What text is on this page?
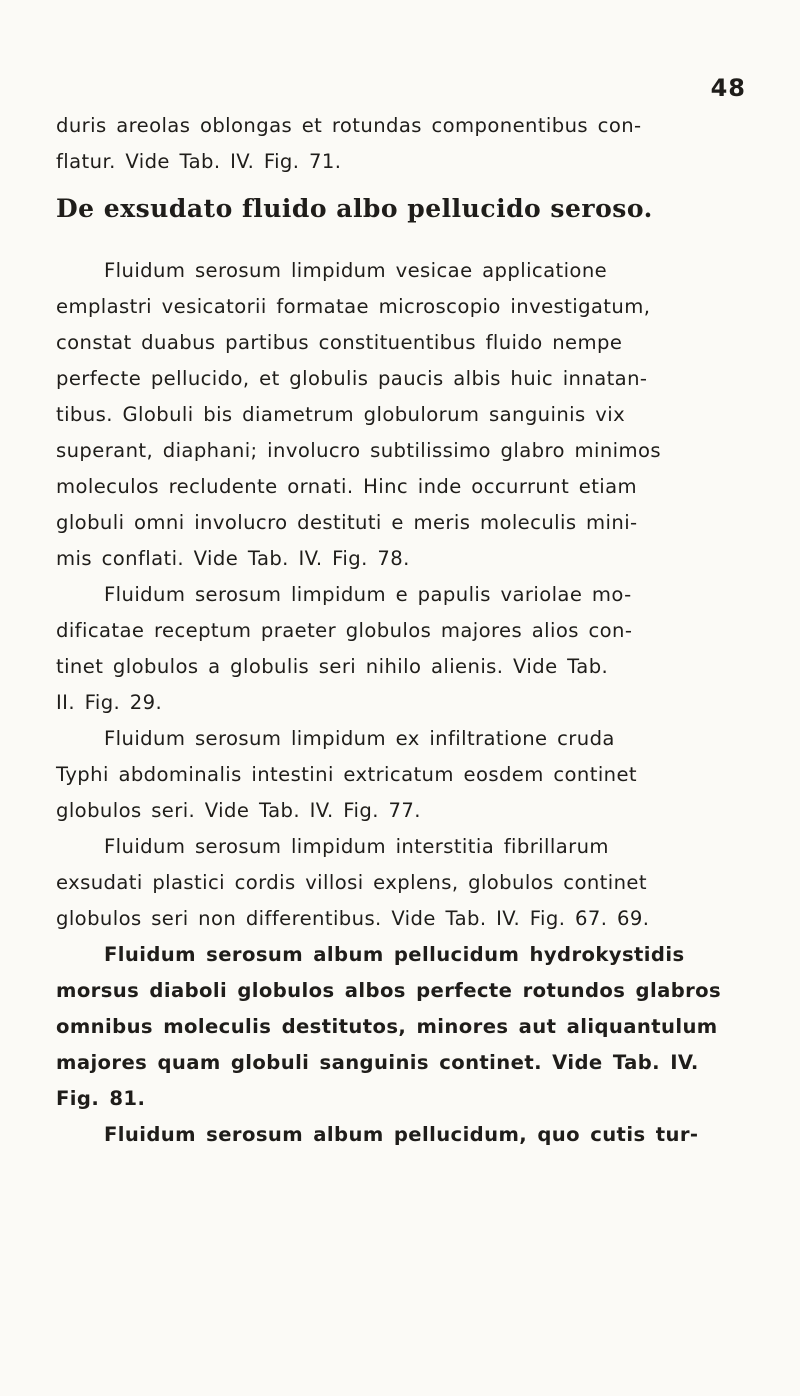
48
duris areolas oblongas et rotundas componentibus con-
flatur. Vide Tab. IV. Fig. 71.
De exsudato fluido albo pellucido seroso.
Fluidum serosum limpidum vesicae applicatione
emplastri vesicatorii formatae microscopio investigatum,
constat duabus partibus constituentibus fluido nempe
perfecte pellucido, et globulis paucis albis huic innatan-
tibus. Globuli bis diametrum globulorum sanguinis vix
superant, diaphani; involucro subtilissimo glabro minimos
moleculos recludente ornati. Hinc inde occurrunt etiam
globuli omni involucro destituti e meris moleculis mini-
mis conflati. Vide Tab. IV. Fig. 78.
Fluidum serosum limpidum e papulis variolae mo-
dificatae receptum praeter globulos majores alios con-
tinet globulos a globulis seri nihilo alienis. Vide Tab.
II. Fig. 29.
Fluidum serosum limpidum ex infiltratione cruda
Typhi abdominalis intestini extricatum eosdem continet
globulos seri. Vide Tab. IV. Fig. 77.
Fluidum serosum limpidum interstitia fibrillarum
exsudati plastici cordis villosi explens, globulos continet
globulos seri non differentibus. Vide Tab. IV. Fig. 67. 69.
Fluidum serosum album pellucidum hydrokystidis
morsus diaboli globulos albos perfecte rotundos glabros
omnibus moleculis destitutos, minores aut aliquantulum
majores quam globuli sanguinis continet. Vide Tab. IV.
Fig. 81.
Fluidum serosum album pellucidum, quo cutis tur-
